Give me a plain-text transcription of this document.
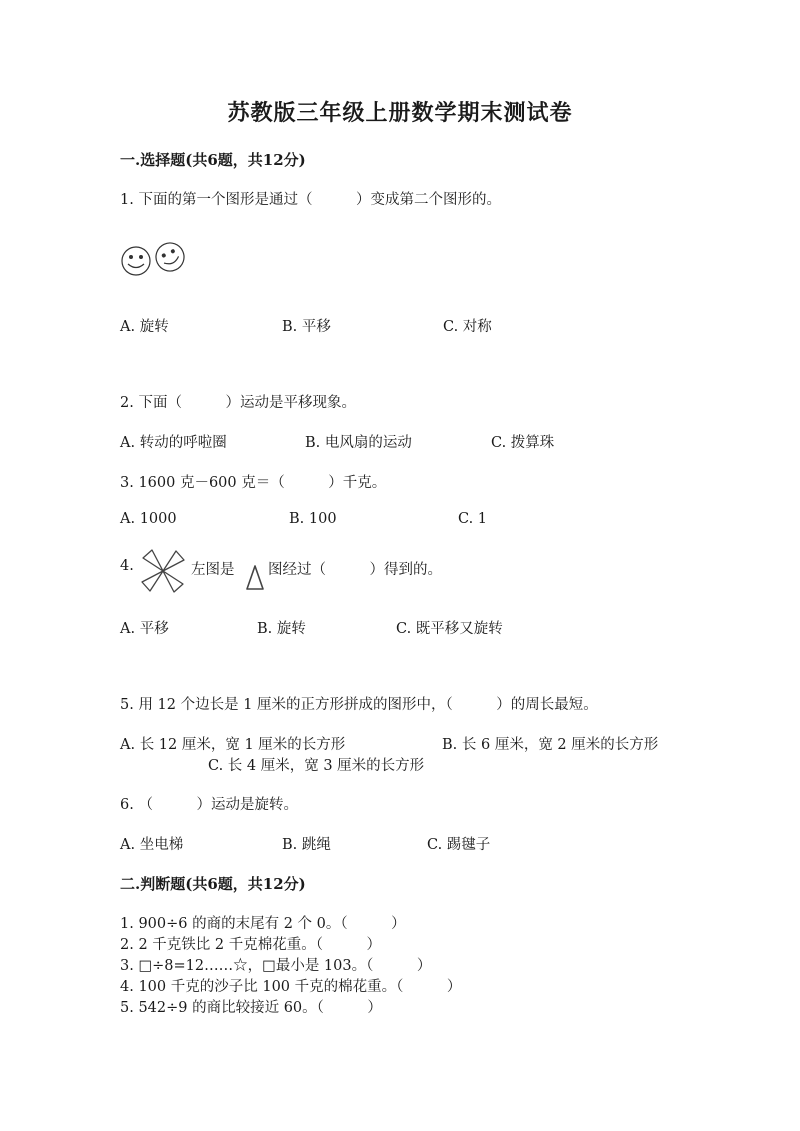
苏教版三年级上册数学期末测试卷
一.选择题(共6题，共12分)
1. 下面的第一个图形是通过（　　　）变成第二个图形的。
A. 旋转	B. 平移	C. 对称
2. 下面（　　　）运动是平移现象。
A. 转动的呼啦圈	B. 电风扇的运动	C. 拨算珠
3. 1600 克－600 克＝（　　　）千克。
A. 1000	B. 100	C. 1
4.	左图是 图经过（　　　）得到的。
A. 平移	B. 旋转	C. 既平移又旋转
5. 用 12 个边长是 1 厘米的正方形拼成的图形中，（　　　）的周长最短。
A. 长 12 厘米，宽 1 厘米的长方形	B. 长 6 厘米，宽 2 厘米的长方形
C. 长 4 厘米，宽 3 厘米的长方形
6. （　　　）运动是旋转。
A. 坐电梯	B. 跳绳	C. 踢毽子
二.判断题(共6题，共12分)
1. 900÷6 的商的末尾有 2 个 0。（　　　）
2. 2 千克铁比 2 千克棉花重。（　　　）
3. □÷8=12……☆，□最小是 103。（　　　）
4. 100 千克的沙子比 100 千克的棉花重。（　　　）
5. 542÷9 的商比较接近 60。（　　　）
